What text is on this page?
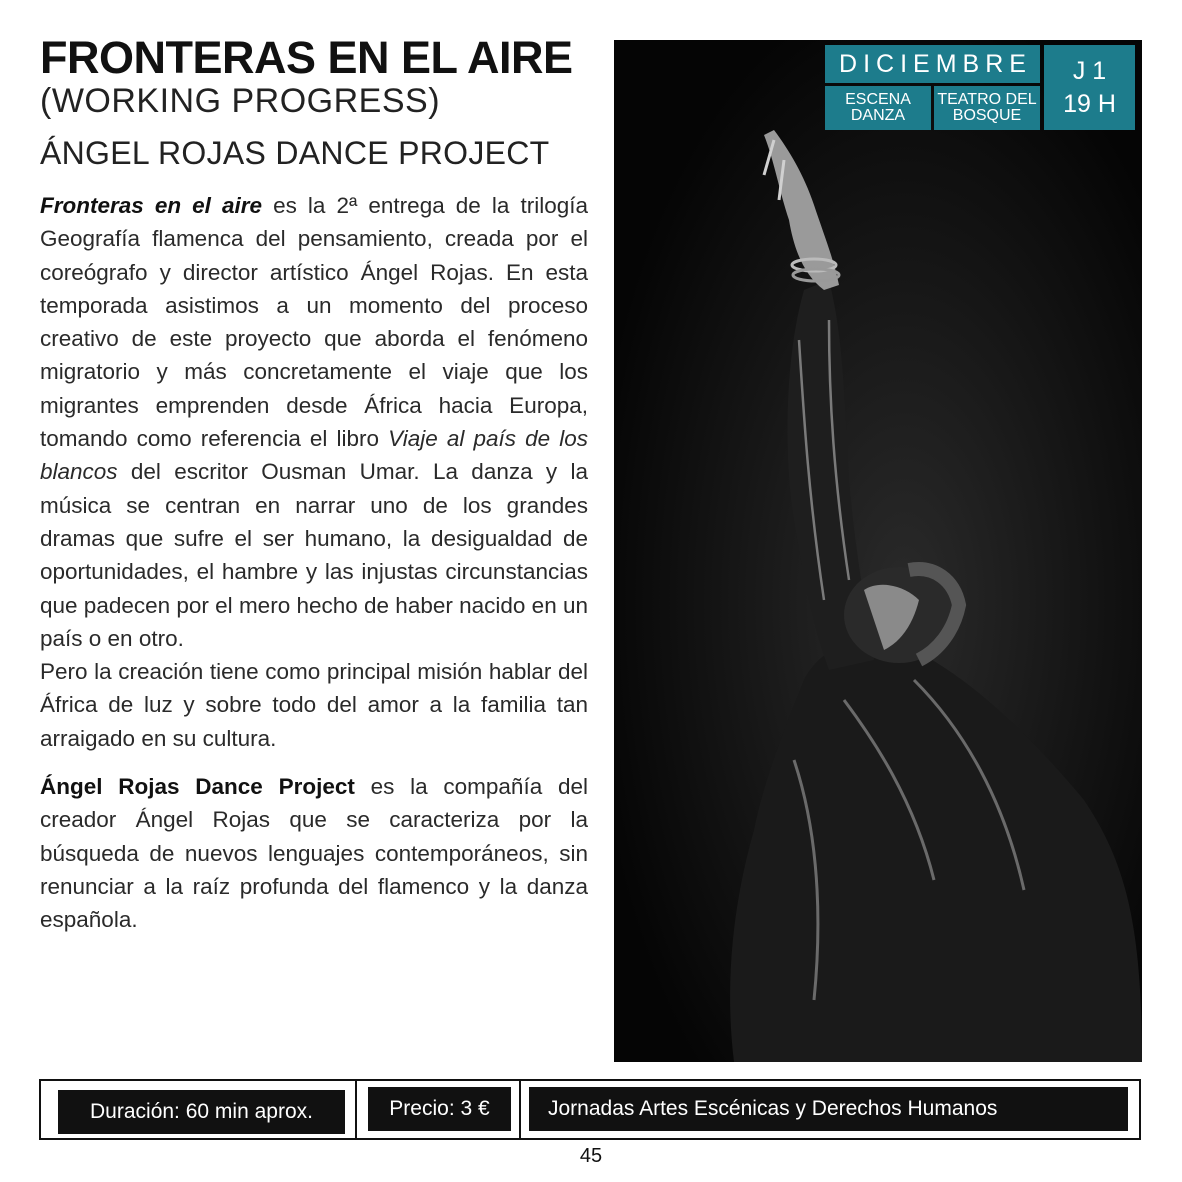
FRONTERAS EN EL AIRE
(WORKING PROGRESS)
ÁNGEL ROJAS DANCE PROJECT

Fronteras en el aire es la 2ª entrega de la trilogía Geografía flamenca del pensamiento, creada por el coreógrafo y director artístico Ángel Rojas. En esta temporada asistimos a un momento del proceso creativo de este proyecto que aborda el fenómeno migratorio y más concretamente el viaje que los migrantes emprenden desde África hacia Europa, tomando como referencia el libro Viaje al país de los blancos del escritor Ousman Umar. La danza y la música se centran en narrar uno de los grandes dramas que sufre el ser humano, la desigualdad de oportunidades, el hambre y las injustas circunstancias que padecen por el mero hecho de haber nacido en un país o en otro.

Pero la creación tiene como principal misión hablar del África de luz y sobre todo del amor a la familia tan arraigado en su cultura.

Ángel Rojas Dance Project es la compañía del creador Ángel Rojas que se caracteriza por la búsqueda de nuevos lenguajes contemporáneos, sin renunciar a la raíz profunda del flamenco y la danza española.

DICIEMBRE
ESCENA
DANZA
TEATRO DEL
BOSQUE
J 1
19 H
Duración: 60 min aprox.	Precio: 3 €	Jornadas Artes Escénicas y Derechos Humanos
45
